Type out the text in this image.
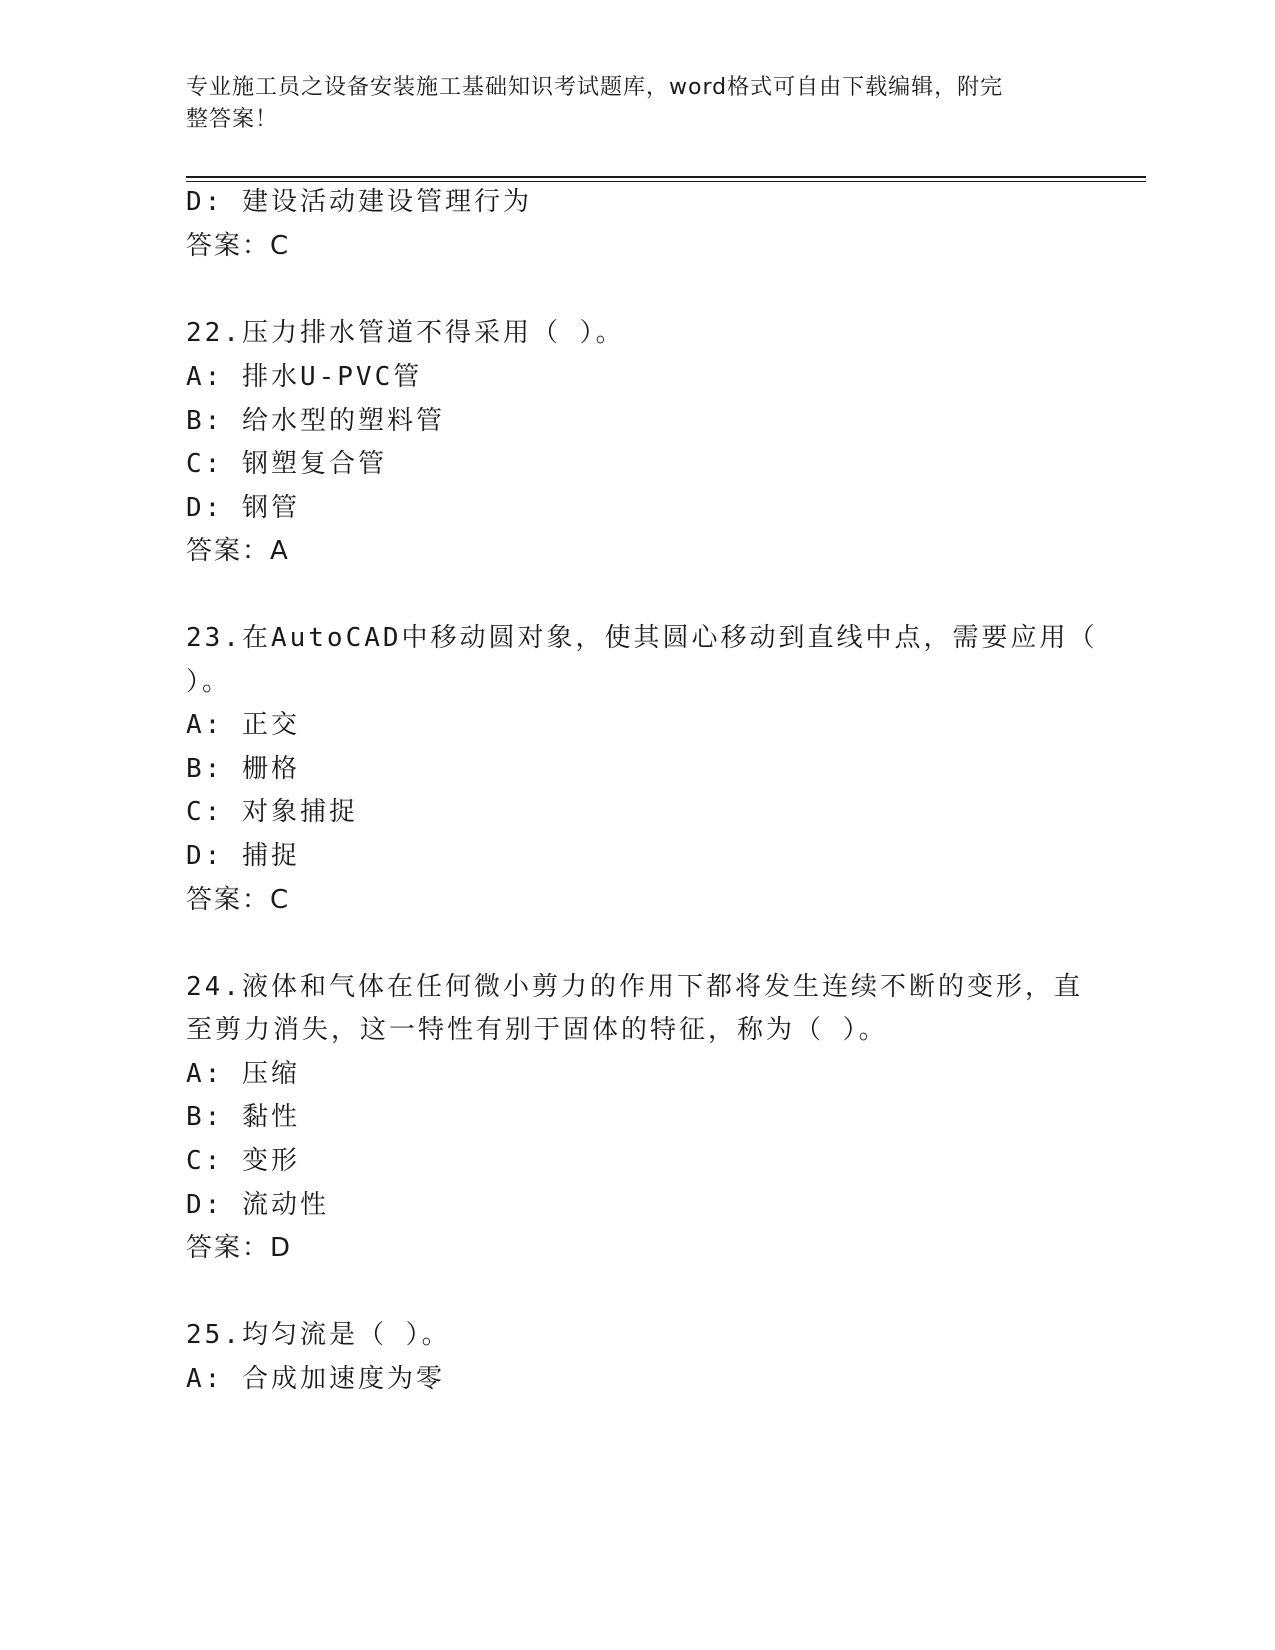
专业施工员之设备安装施工基础知识考试题库，word格式可自由下载编辑，附完
整答案！
D: 建设活动建设管理行为
答案：C
22.压力排水管道不得采用（ ）。
A: 排水U-PVC管
B: 给水型的塑料管
C: 钢塑复合管
D: 钢管
答案：A
23.在AutoCAD中移动圆对象，使其圆心移动到直线中点，需要应用（
）。
A: 正交
B: 栅格
C: 对象捕捉
D: 捕捉
答案：C
24.液体和气体在任何微小剪力的作用下都将发生连续不断的变形，直
至剪力消失，这一特性有别于固体的特征，称为（ ）。
A: 压缩
B: 黏性
C: 变形
D: 流动性
答案：D
25.均匀流是（ ）。
A: 合成加速度为零
